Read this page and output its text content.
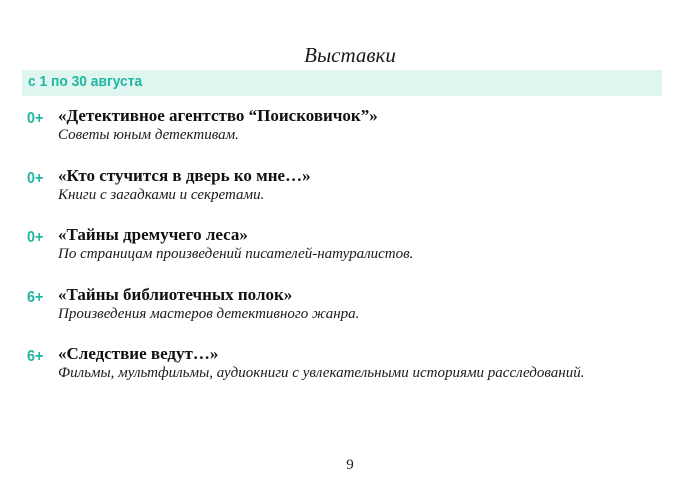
Выставки
с 1 по 30 августа
0+ «Детективное агентство “Поисковичок”»
Советы юным детективам.
0+ «Кто стучится в дверь ко мне…»
Книги с загадками и секретами.
0+ «Тайны дремучего леса»
По страницам произведений писателей-натуралистов.
6+ «Тайны библиотечных полок»
Произведения мастеров детективного жанра.
6+ «Следствие ведут…»
Фильмы, мультфильмы, аудиокниги с увлекательными историями расследований.
9
